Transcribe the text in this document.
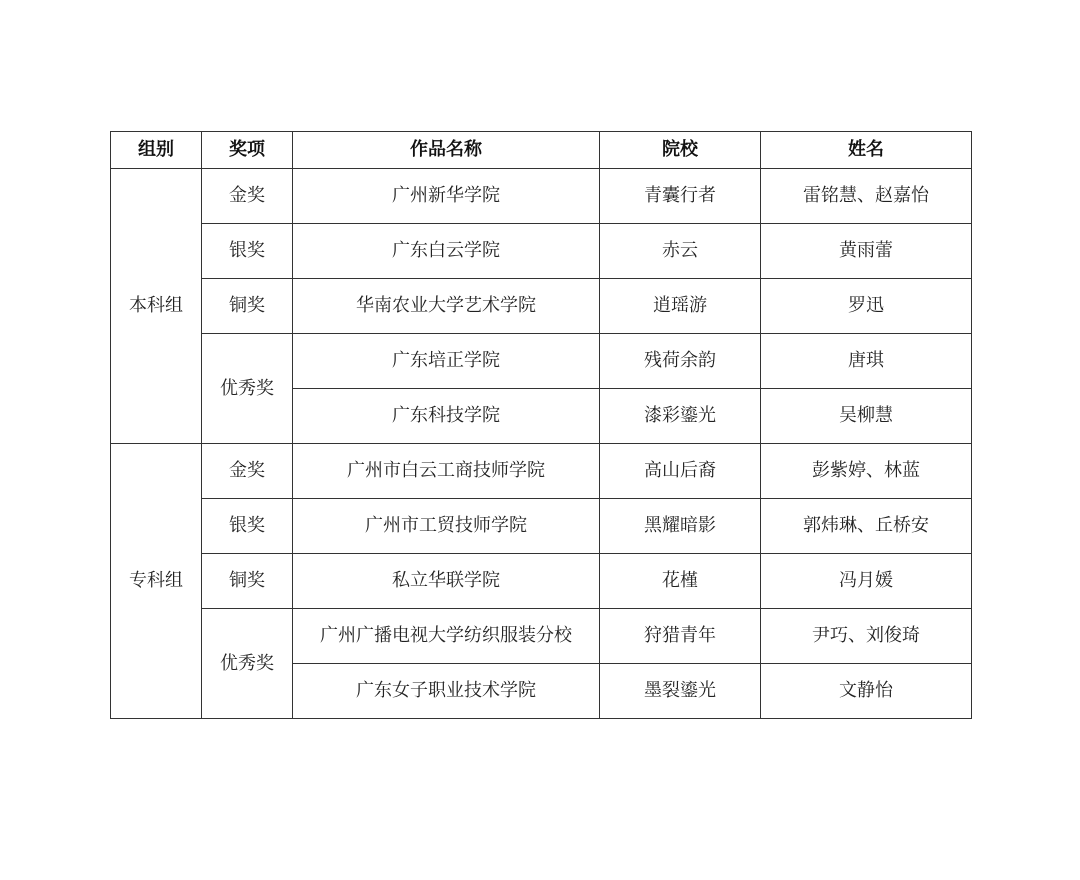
组别	奖项	作品名称	院校	姓名
本科组	金奖	广州新华学院	青囊行者	雷铭慧、赵嘉怡
	银奖	广东白云学院	赤云	黄雨蕾
	铜奖	华南农业大学艺术学院	逍瑶游	罗迅
	优秀奖	广东培正学院	残荷余韵	唐琪
		广东科技学院	漆彩鎏光	吴柳慧
专科组	金奖	广州市白云工商技师学院	高山后裔	彭紫婷、林蓝
	银奖	广州市工贸技师学院	黑耀暗影	郭炜琳、丘桥安
	铜奖	私立华联学院	花槿	冯月媛
	优秀奖	广州广播电视大学纺织服装分校	狩猎青年	尹巧、刘俊琦
		广东女子职业技术学院	墨裂鎏光	文静怡
